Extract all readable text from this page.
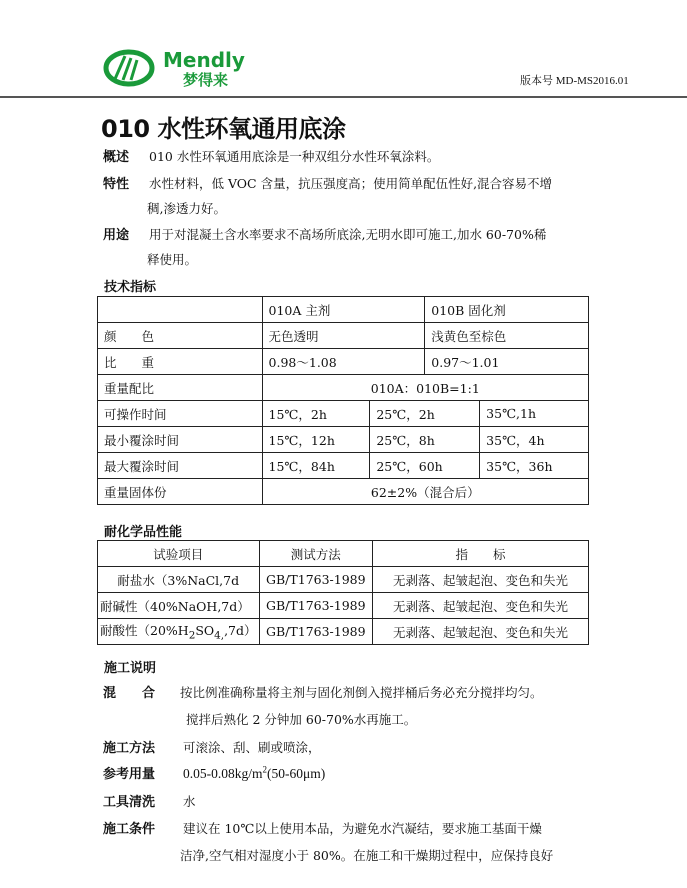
Mendly
梦得来	版本号 MD-MS2016.01
010 水性环氧通用底涂
概述 010 水性环氧通用底涂是一种双组分水性环氧涂料。
特性 水性材料，低 VOC 含量，抗压强度高；使用简单配伍性好,混合容易不增
稠,渗透力好。
用途 用于对混凝土含水率要求不高场所底涂,无明水即可施工,加水 60-70%稀
释使用。
技术指标
	010A 主剂		010B 固化剂	
颜　　色	无色透明		浅黄色至棕色	
比　　重	0.98～1.08		0.97～1.01	
重量配比	010A：010B=1:1			
可操作时间	15℃，2h	25℃，2h		35℃,1h
最小覆涂时间	15℃，12h	25℃，8h		35℃，4h
最大覆涂时间	15℃，84h	25℃，60h		35℃，36h
重量固体份	62±2%（混合后）			
耐化学品性能
试验项目	测试方法	指　　标
耐盐水（3%NaCl,7d	GB/T1763-1989	无剥落、起皱起泡、变色和失光
耐碱性（40%NaOH,7d）	GB/T1763-1989	无剥落、起皱起泡、变色和失光
耐酸性$(20\%H_2SO_{4,},7d)$	GB/T1763-1989	无剥落、起皱起泡、变色和失光
施工说明
混　　合 按比例准确称量将主剂与固化剂倒入搅拌桶后务必充分搅拌均匀。
搅拌后熟化 2 分钟加 60-70%水再施工。
施工方法 可滚涂、刮、刷或喷涂，
参考用量 $0.05-0.08kg/m^2(50-60\mu m)$
工具清洗 水
施工条件 建议在 10℃以上使用本品，为避免水汽凝结，要求施工基面干燥
洁净,空气相对湿度小于 80%。在施工和干燥期过程中，应保持良好
